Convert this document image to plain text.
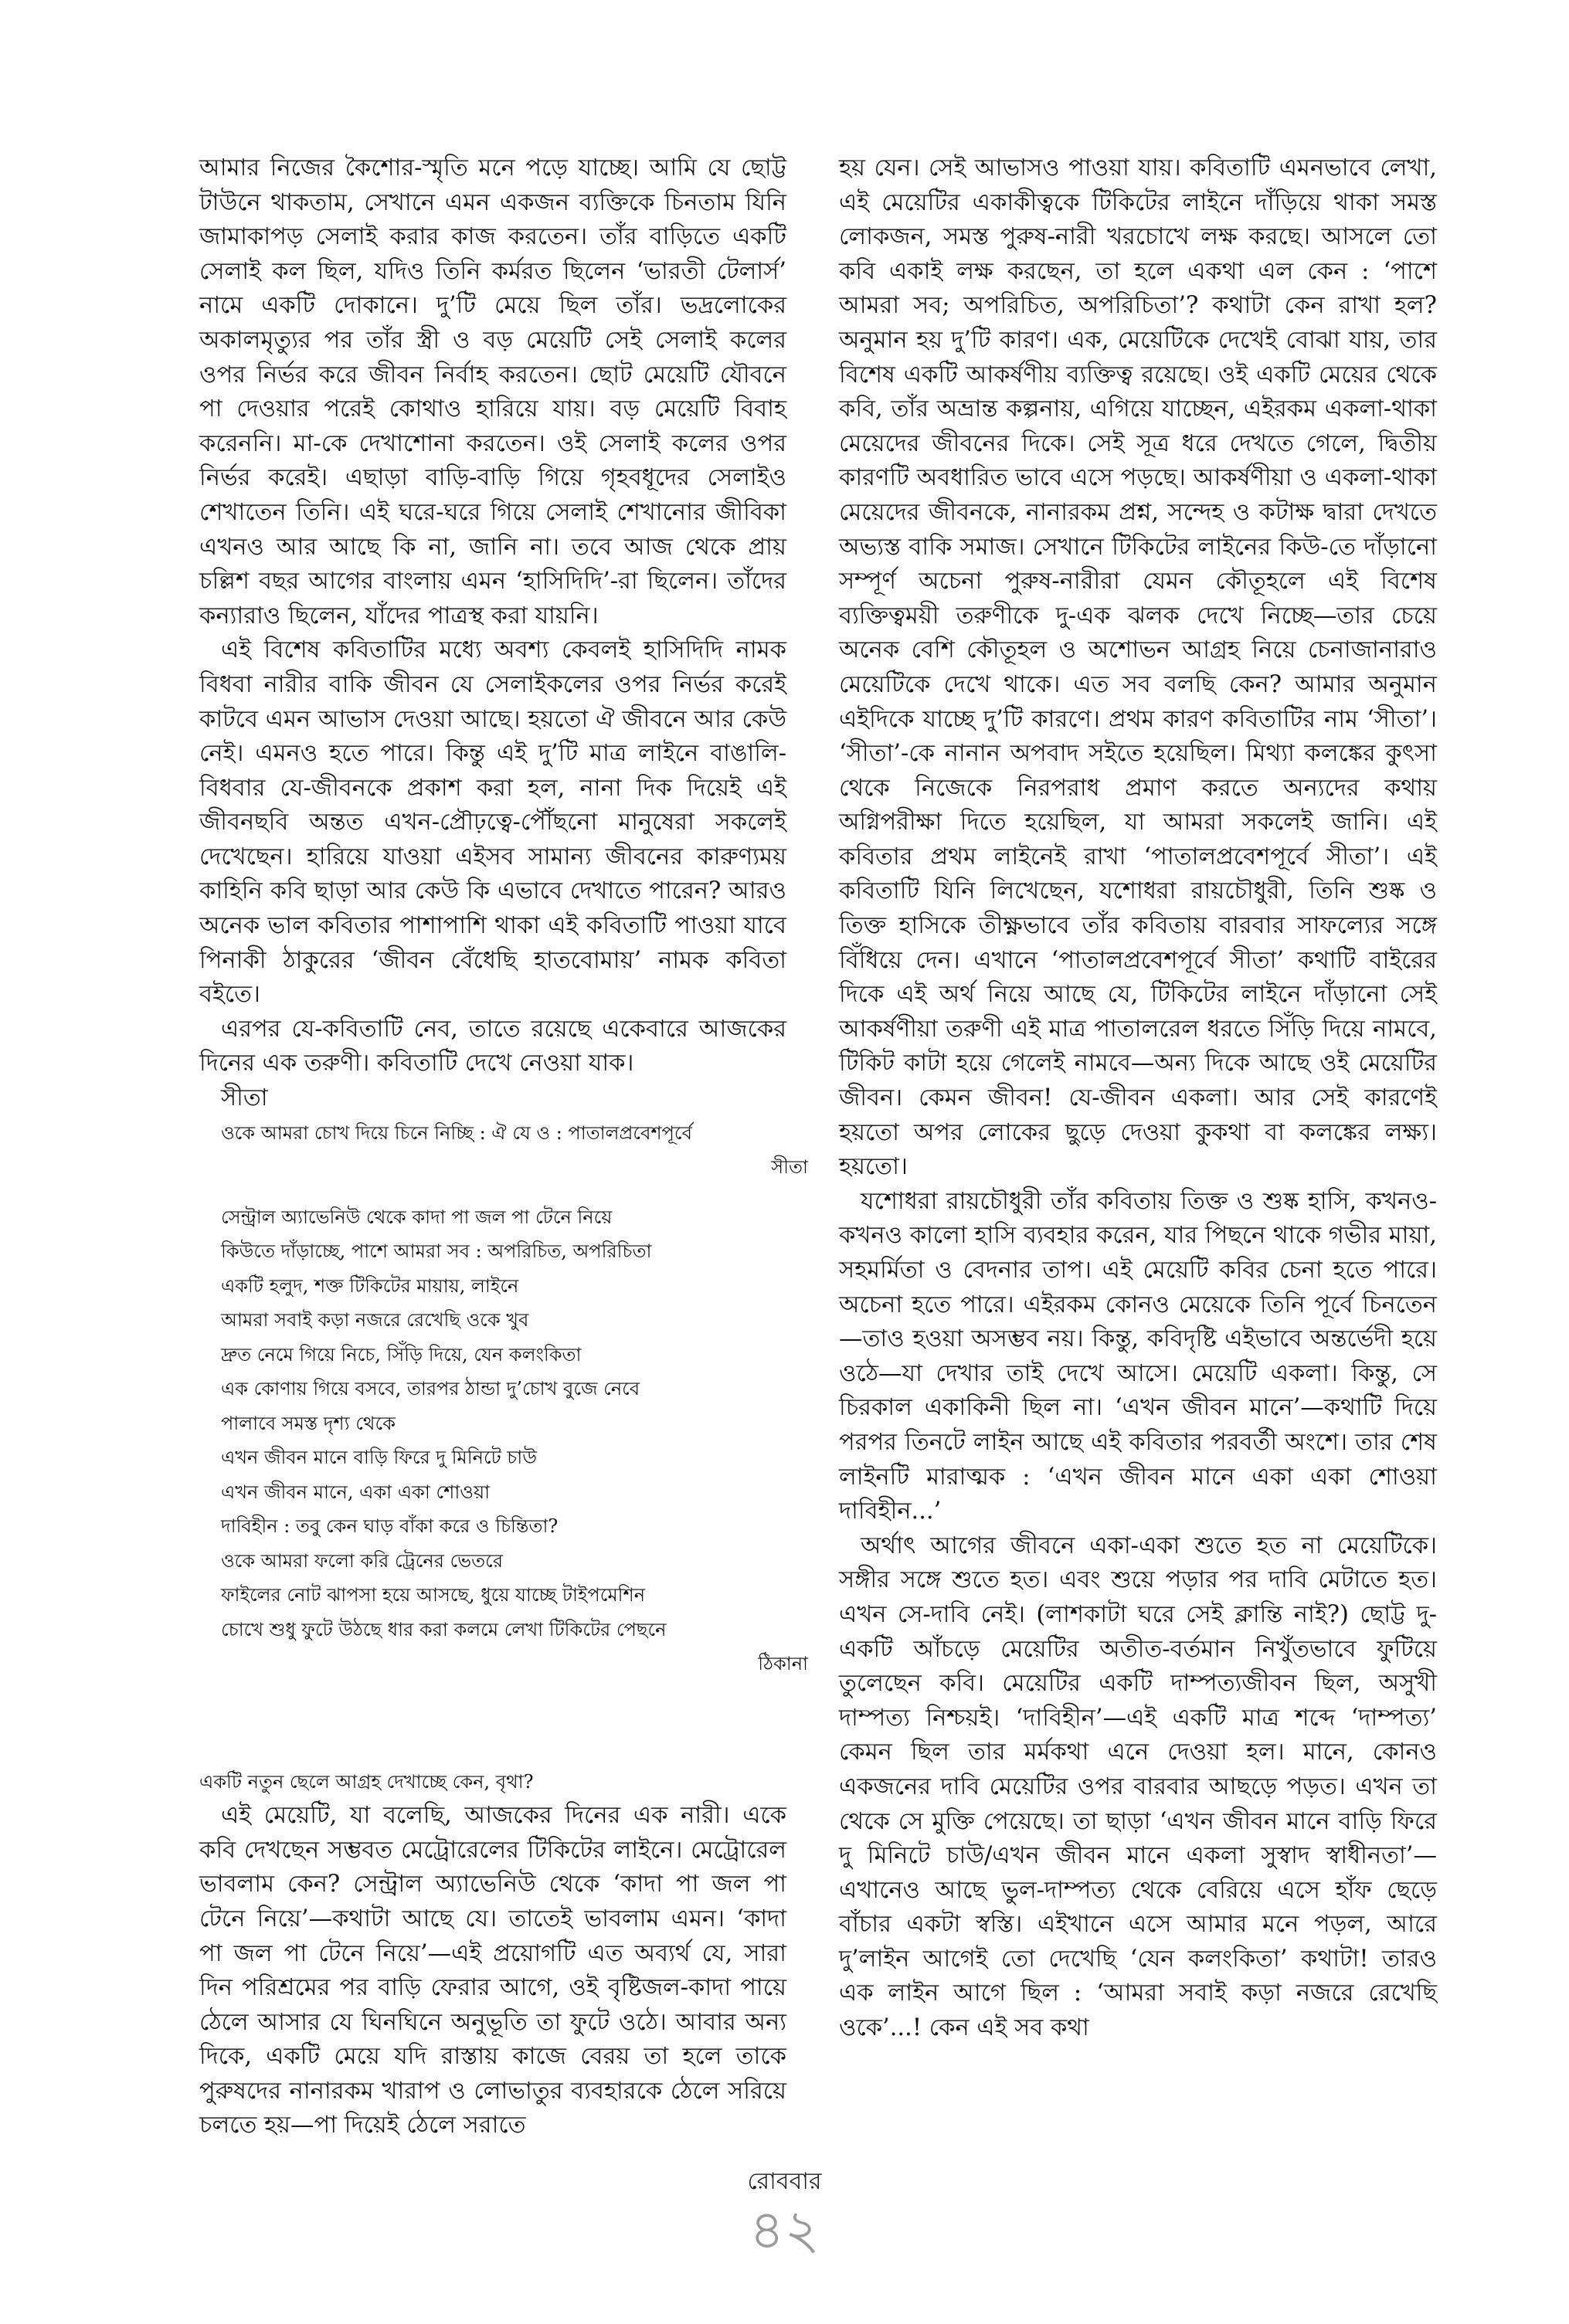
আমার নিজের কৈশোর-স্মৃতি মনে পড়ে যাচ্ছে। আমি যে ছোট্ট টাউনে থাকতাম, সেখানে এমন একজন ব্যক্তিকে চিনতাম যিনি জামাকাপড় সেলাই করার কাজ করতেন। তাঁর বাড়িতে একটি সেলাই কল ছিল, যদিও তিনি কর্মরত ছিলেন ‘ভারতী টেলার্স’ নামে একটি দোকানে। দু’টি মেয়ে ছিল তাঁর। ভদ্রলোকের অকালমৃত্যুর পর তাঁর স্ত্রী ও বড় মেয়েটি সেই সেলাই কলের ওপর নির্ভর করে জীবন নির্বাহ করতেন। ছোট মেয়েটি যৌবনে পা দেওয়ার পরেই কোথাও হারিয়ে যায়। বড় মেয়েটি বিবাহ করেননি। মা-কে দেখাশোনা করতেন। ওই সেলাই কলের ওপর নির্ভর করেই। এছাড়া বাড়ি-বাড়ি গিয়ে গৃহবধূদের সেলাইও শেখাতেন তিনি। এই ঘরে-ঘরে গিয়ে সেলাই শেখানোর জীবিকা এখনও আর আছে কি না, জানি না। তবে আজ থেকে প্রায় চল্লিশ বছর আগের বাংলায় এমন ‘হাসিদিদি’-রা ছিলেন। তাঁদের কন্যারাও ছিলেন, যাঁদের পাত্রস্থ করা যায়নি।

এই বিশেষ কবিতাটির মধ্যে অবশ্য কেবলই হাসিদিদি নামক বিধবা নারীর বাকি জীবন যে সেলাইকলের ওপর নির্ভর করেই কাটবে এমন আভাস দেওয়া আছে। হয়তো ঐ জীবনে আর কেউ নেই। এমনও হতে পারে। কিন্তু এই দু’টি মাত্র লাইনে বাঙালি-বিধবার যে-জীবনকে প্রকাশ করা হল, নানা দিক দিয়েই এই জীবনছবি অন্তত এখন-প্রৌঢ়ত্বে-পৌঁছনো মানুষেরা সকলেই দেখেছেন। হারিয়ে যাওয়া এইসব সামান্য জীবনের কারুণ্যময় কাহিনি কবি ছাড়া আর কেউ কি এভাবে দেখাতে পারেন? আরও অনেক ভাল কবিতার পাশাপাশি থাকা এই কবিতাটি পাওয়া যাবে পিনাকী ঠাকুরের ‘জীবন বেঁধেছি হাতবোমায়’ নামক কবিতা বইতে।

এরপর যে-কবিতাটি নেব, তাতে রয়েছে একেবারে আজকের দিনের এক তরুণী। কবিতাটি দেখে নেওয়া যাক।

সীতা

ওকে আমরা চোখ দিয়ে চিনে নিচ্ছি : ঐ যে ও : পাতালপ্রবেশপূর্বে
সীতা
সেন্ট্রাল অ্যাভেনিউ থেকে কাদা পা জল পা টেনে নিয়ে
কিউতে দাঁড়াচ্ছে, পাশে আমরা সব : অপরিচিত, অপরিচিতা
একটি হলুদ, শক্ত টিকিটের মায়ায়, লাইনে
আমরা সবাই কড়া নজরে রেখেছি ওকে খুব
দ্রুত নেমে গিয়ে নিচে, সিঁড়ি দিয়ে, যেন কলংকিতা
এক কোণায় গিয়ে বসবে, তারপর ঠান্ডা দু’চোখ বুজে নেবে
পালাবে সমস্ত দৃশ্য থেকে
এখন জীবন মানে বাড়ি ফিরে দু মিনিটে চাউ
এখন জীবন মানে, একা একা শোওয়া
দাবিহীন : তবু কেন ঘাড় বাঁকা করে ও চিন্তিতা?
ওকে আমরা ফলো করি ট্রেনের ভেতরে
ফাইলের নোট ঝাপসা হয়ে আসছে, ধুয়ে যাচ্ছে টাইপমেশিন
চোখে শুধু ফুটে উঠছে ধার করা কলমে লেখা টিকিটের পেছনে
ঠিকানা
একটি নতুন ছেলে আগ্রহ দেখাচ্ছে কেন, বৃথা?

এই মেয়েটি, যা বলেছি, আজকের দিনের এক নারী। একে কবি দেখছেন সম্ভবত মেট্রোরেলের টিকিটের লাইনে। মেট্রোরেল ভাবলাম কেন? সেন্ট্রাল অ্যাভেনিউ থেকে ‘কাদা পা জল পা টেনে নিয়ে’—কথাটা আছে যে। তাতেই ভাবলাম এমন। ‘কাদা পা জল পা টেনে নিয়ে’—এই প্রয়োগটি এত অব্যর্থ যে, সারা দিন পরিশ্রমের পর বাড়ি ফেরার আগে, ওই বৃষ্টিজল-কাদা পায়ে ঠেলে আসার যে ঘিনঘিনে অনুভূতি তা ফুটে ওঠে। আবার অন্য দিকে, একটি মেয়ে যদি রাস্তায় কাজে বেরয় তা হলে তাকে পুরুষদের নানারকম খারাপ ও লোভাতুর ব্যবহারকে ঠেলে সরিয়ে চলতে হয়—পা দিয়েই ঠেলে সরাতে

হয় যেন। সেই আভাসও পাওয়া যায়। কবিতাটি এমনভাবে লেখা, এই মেয়েটির একাকীত্বকে টিকিটের লাইনে দাঁড়িয়ে থাকা সমস্ত লোকজন, সমস্ত পুরুষ-নারী খরচোখে লক্ষ করছে। আসলে তো কবি একাই লক্ষ করছেন, তা হলে একথা এল কেন : ‘পাশে আমরা সব; অপরিচিত, অপরিচিতা’? কথাটা কেন রাখা হল? অনুমান হয় দু’টি কারণ। এক, মেয়েটিকে দেখেই বোঝা যায়, তার বিশেষ একটি আকর্ষণীয় ব্যক্তিত্ব রয়েছে। ওই একটি মেয়ের থেকে কবি, তাঁর অভ্রান্ত কল্পনায়, এগিয়ে যাচ্ছেন, এইরকম একলা-থাকা মেয়েদের জীবনের দিকে। সেই সূত্র ধরে দেখতে গেলে, দ্বিতীয় কারণটি অবধারিত ভাবে এসে পড়ছে। আকর্ষণীয়া ও একলা-থাকা মেয়েদের জীবনকে, নানারকম প্রশ্ন, সন্দেহ ও কটাক্ষ দ্বারা দেখতে অভ্যস্ত বাকি সমাজ। সেখানে টিকিটের লাইনের কিউ-তে দাঁড়ানো সম্পূর্ণ অচেনা পুরুষ-নারীরা যেমন কৌতূহলে এই বিশেষ ব্যক্তিত্বময়ী তরুণীকে দু-এক ঝলক দেখে নিচ্ছে—তার চেয়ে অনেক বেশি কৌতূহল ও অশোভন আগ্রহ নিয়ে চেনাজানারাও মেয়েটিকে দেখে থাকে। এত সব বলছি কেন? আমার অনুমান এইদিকে যাচ্ছে দু’টি কারণে। প্রথম কারণ কবিতাটির নাম ‘সীতা’। ‘সীতা’-কে নানান অপবাদ সইতে হয়েছিল। মিথ্যা কলঙ্কের কুৎসা থেকে নিজেকে নিরপরাধ প্রমাণ করতে অন্যদের কথায় অগ্নিপরীক্ষা দিতে হয়েছিল, যা আমরা সকলেই জানি। এই কবিতার প্রথম লাইনেই রাখা ‘পাতালপ্রবেশপূর্বে সীতা’। এই কবিতাটি যিনি লিখেছেন, যশোধরা রায়চৌধুরী, তিনি শুষ্ক ও তিক্ত হাসিকে তীক্ষ্ণভাবে তাঁর কবিতায় বারবার সাফল্যের সঙ্গে বিঁধিয়ে দেন। এখানে ‘পাতালপ্রবেশপূর্বে সীতা’ কথাটি বাইরের দিকে এই অর্থ নিয়ে আছে যে, টিকিটের লাইনে দাঁড়ানো সেই আকর্ষণীয়া তরুণী এই মাত্র পাতালরেল ধরতে সিঁড়ি দিয়ে নামবে, টিকিট কাটা হয়ে গেলেই নামবে—অন্য দিকে আছে ওই মেয়েটির জীবন। কেমন জীবন! যে-জীবন একলা। আর সেই কারণেই হয়তো অপর লোকের ছুড়ে দেওয়া কুকথা বা কলঙ্কের লক্ষ্য। হয়তো।

যশোধরা রায়চৌধুরী তাঁর কবিতায় তিক্ত ও শুষ্ক হাসি, কখনও-কখনও কালো হাসি ব্যবহার করেন, যার পিছনে থাকে গভীর মায়া, সহমর্মিতা ও বেদনার তাপ। এই মেয়েটি কবির চেনা হতে পারে। অচেনা হতে পারে। এইরকম কোনও মেয়েকে তিনি পূর্বে চিনতেন—তাও হওয়া অসম্ভব নয়। কিন্তু, কবিদৃষ্টি এইভাবে অন্তর্ভেদী হয়ে ওঠে—যা দেখার তাই দেখে আসে। মেয়েটি একলা। কিন্তু, সে চিরকাল একাকিনী ছিল না। ‘এখন জীবন মানে’—কথাটি দিয়ে পরপর তিনটে লাইন আছে এই কবিতার পরবর্তী অংশে। তার শেষ লাইনটি মারাত্মক : ‘এখন জীবন মানে একা একা শোওয়া দাবিহীন...’

অর্থাৎ আগের জীবনে একা-একা শুতে হত না মেয়েটিকে। সঙ্গীর সঙ্গে শুতে হত। এবং শুয়ে পড়ার পর দাবি মেটাতে হত। এখন সে-দাবি নেই। (লাশকাটা ঘরে সেই ক্লান্তি নাই?) ছোট্ট দু-একটি আঁচড়ে মেয়েটির অতীত-বর্তমান নিখুঁতভাবে ফুটিয়ে তুলেছেন কবি। মেয়েটির একটি দাম্পত্যজীবন ছিল, অসুখী দাম্পত্য নিশ্চয়ই। ‘দাবিহীন’—এই একটি মাত্র শব্দে ‘দাম্পত্য’ কেমন ছিল তার মর্মকথা এনে দেওয়া হল। মানে, কোনও একজনের দাবি মেয়েটির ওপর বারবার আছড়ে পড়ত। এখন তা থেকে সে মুক্তি পেয়েছে। তা ছাড়া ‘এখন জীবন মানে বাড়ি ফিরে দু মিনিটে চাউ/এখন জীবন মানে একলা সুস্বাদ স্বাধীনতা’—এখানেও আছে ভুল-দাম্পত্য থেকে বেরিয়ে এসে হাঁফ ছেড়ে বাঁচার একটা স্বস্তি। এইখানে এসে আমার মনে পড়ল, আরে দু’লাইন আগেই তো দেখেছি ‘যেন কলংকিতা’ কথাটা! তারও এক লাইন আগে ছিল : ‘আমরা সবাই কড়া নজরে রেখেছি ওকে’...! কেন এই সব কথা

রোববার
৪২
